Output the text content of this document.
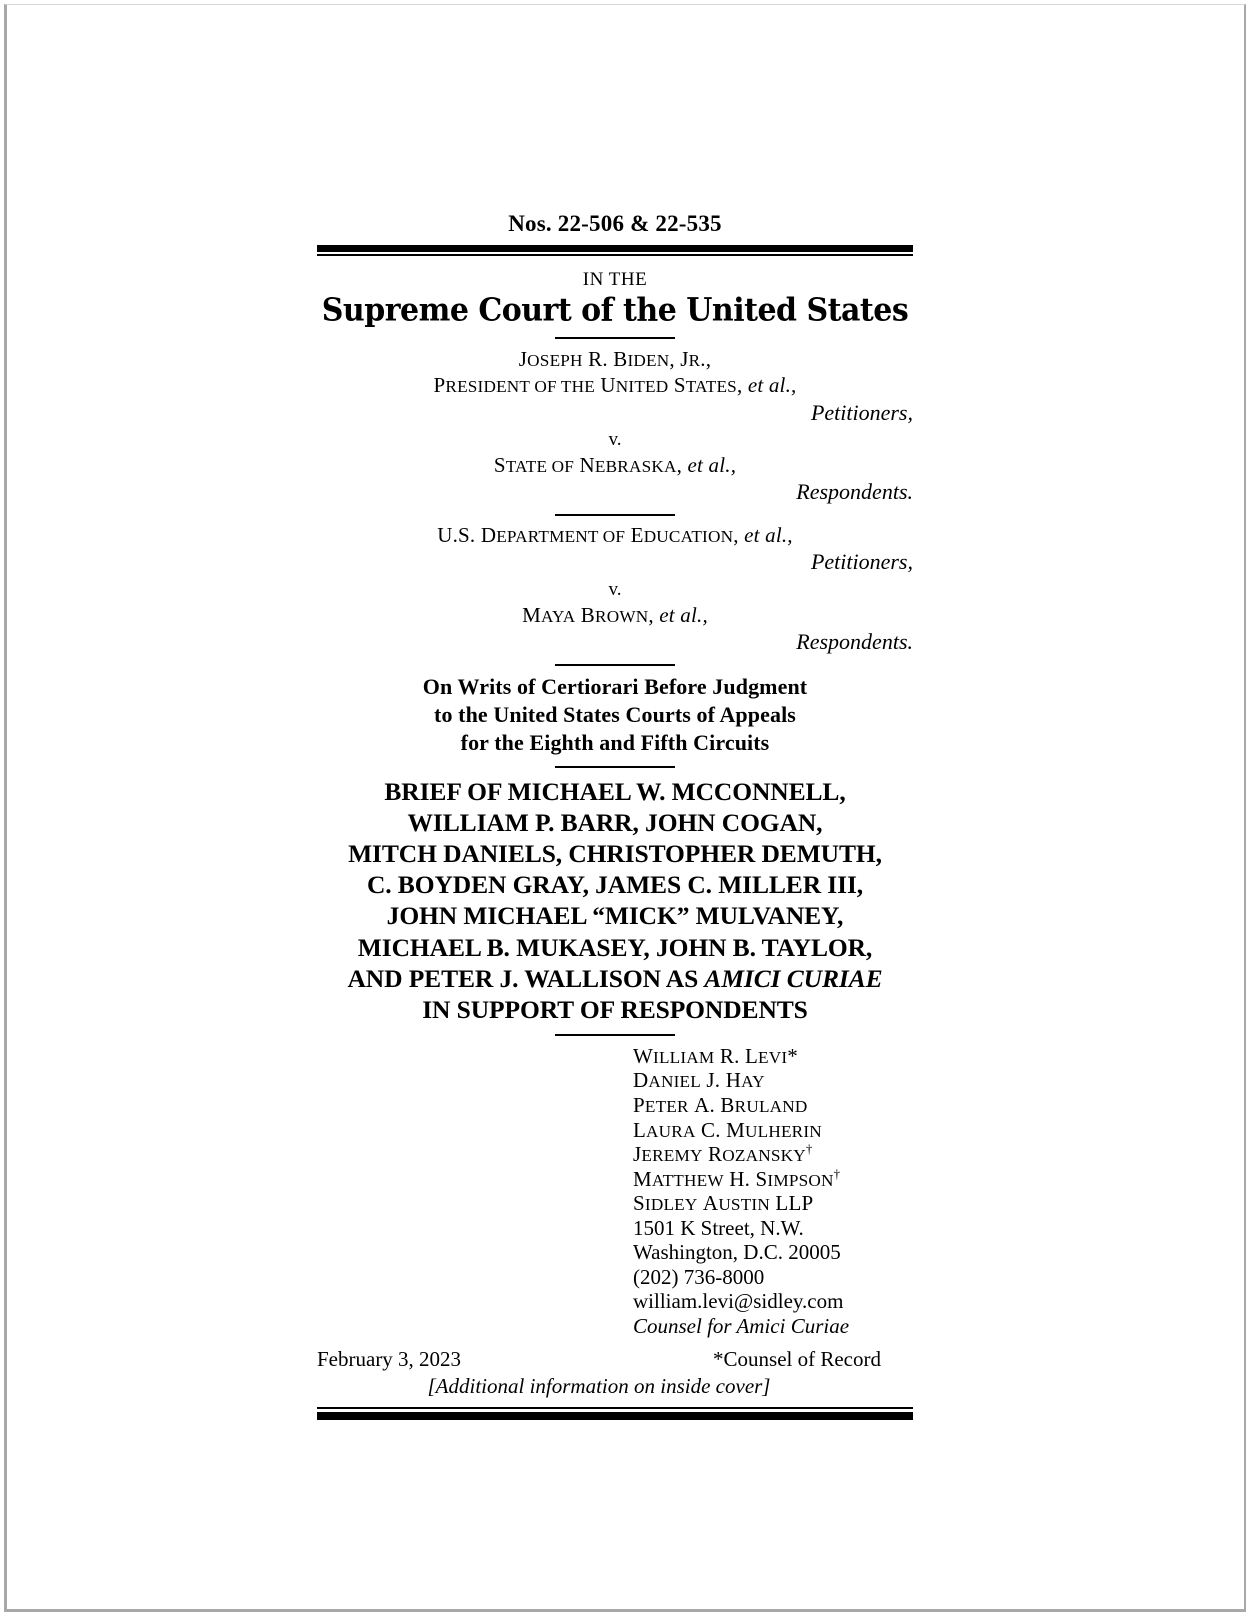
Nos. 22-506 & 22-535
IN THE
Supreme Court of the United States
JOSEPH R. BIDEN, JR.,
PRESIDENT OF THE UNITED STATES, et al.,
Petitioners,
v.
STATE OF NEBRASKA, et al.,
Respondents.
U.S. DEPARTMENT OF EDUCATION, et al.,
Petitioners,
v.
MAYA BROWN, et al.,
Respondents.
On Writs of Certiorari Before Judgment
to the United States Courts of Appeals
for the Eighth and Fifth Circuits
BRIEF OF MICHAEL W. MCCONNELL,
WILLIAM P. BARR, JOHN COGAN,
MITCH DANIELS, CHRISTOPHER DEMUTH,
C. BOYDEN GRAY, JAMES C. MILLER III,
JOHN MICHAEL “MICK” MULVANEY,
MICHAEL B. MUKASEY, JOHN B. TAYLOR,
AND PETER J. WALLISON AS AMICI CURIAE
IN SUPPORT OF RESPONDENTS
WILLIAM R. LEVI*
DANIEL J. HAY
PETER A. BRULAND
LAURA C. MULHERIN
JEREMY ROZANSKY†
MATTHEW H. SIMPSON†
SIDLEY AUSTIN LLP
1501 K Street, N.W.
Washington, D.C. 20005
(202) 736-8000
william.levi@sidley.com
Counsel for Amici Curiae
February 3, 2023	*Counsel of Record
[Additional information on inside cover]
